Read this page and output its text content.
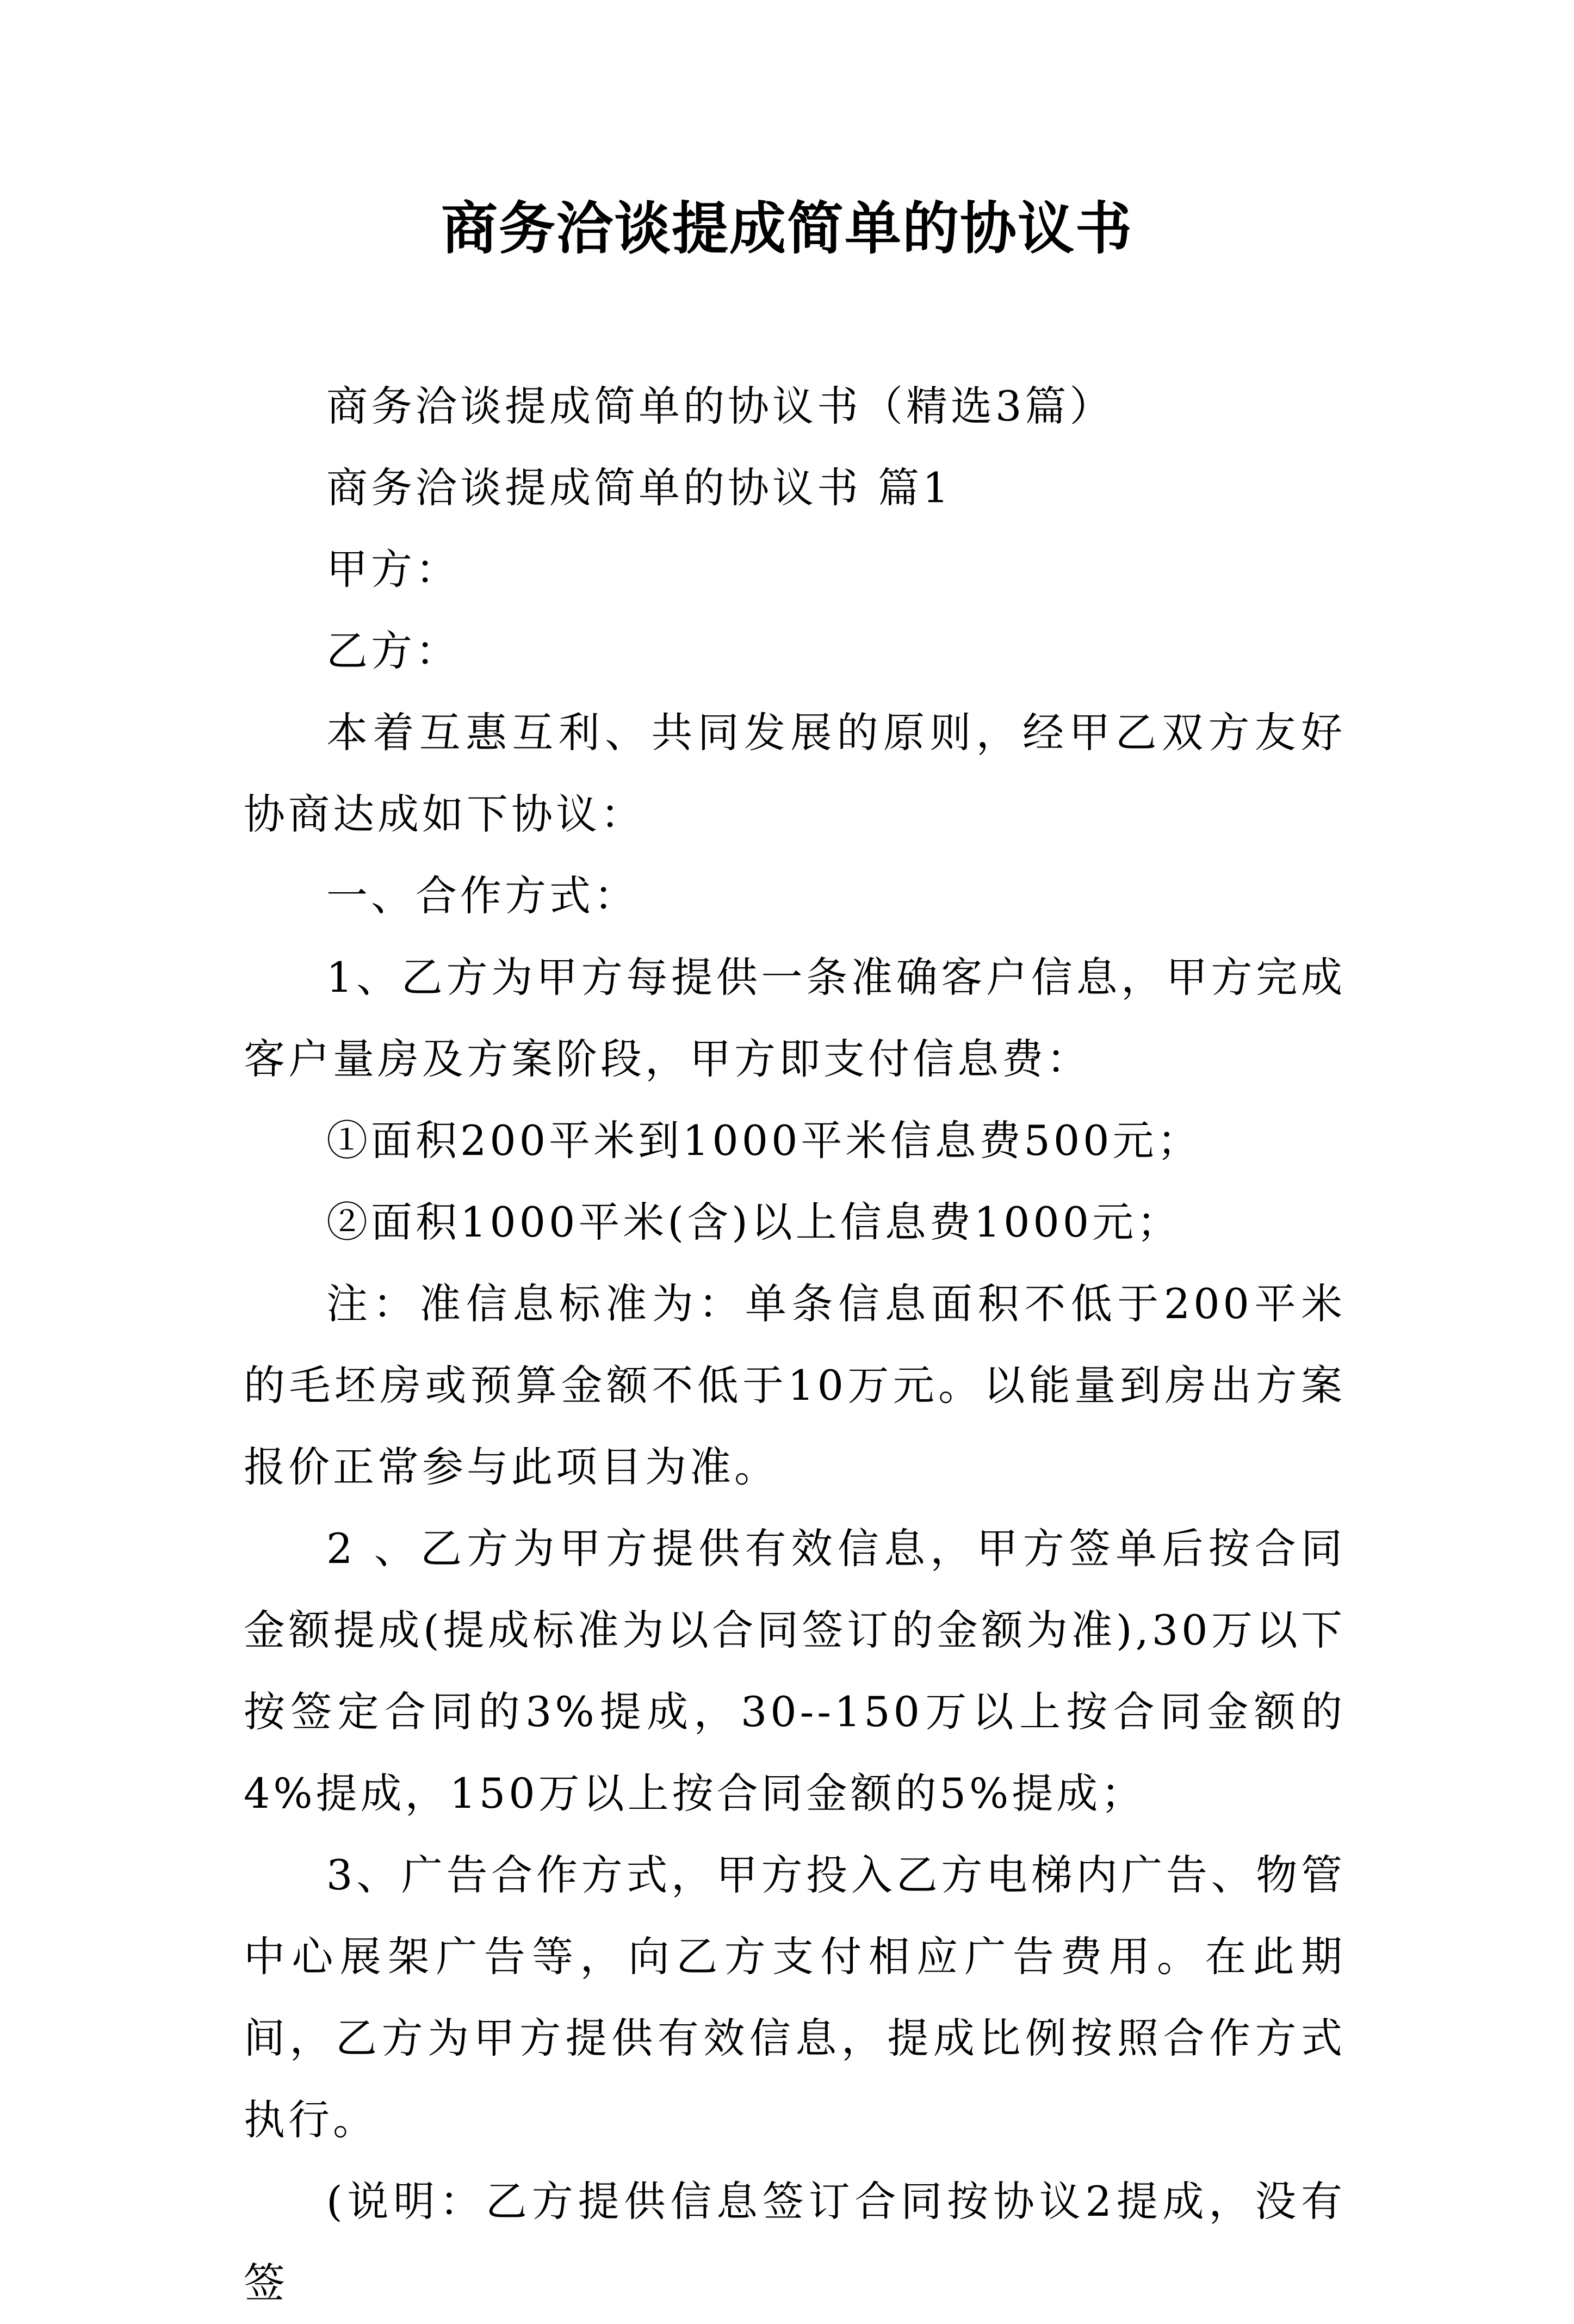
商务洽谈提成简单的协议书

商务洽谈提成简单的协议书（精选3篇）

商务洽谈提成简单的协议书 篇1

甲方：

乙方：

本着互惠互利、共同发展的原则，经甲乙双方友好协商达成如下协议：

一、合作方式：

1、乙方为甲方每提供一条准确客户信息，甲方完成客户量房及方案阶段，甲方即支付信息费：

①面积200平米到1000平米信息费500元；

②面积1000平米(含)以上信息费1000元；

注：准信息标准为：单条信息面积不低于200平米的毛坯房或预算金额不低于10万元。以能量到房出方案报价正常参与此项目为准。

2 、乙方为甲方提供有效信息，甲方签单后按合同金额提成(提成标准为以合同签订的金额为准),30万以下按签定合同的3%提成，30--150万以上按合同金额的4%提成，150万以上按合同金额的5%提成；

3、广告合作方式，甲方投入乙方电梯内广告、物管中心展架广告等，向乙方支付相应广告费用。在此期间，乙方为甲方提供有效信息，提成比例按照合作方式执行。

(说明：乙方提供信息签订合同按协议2提成，没有签
